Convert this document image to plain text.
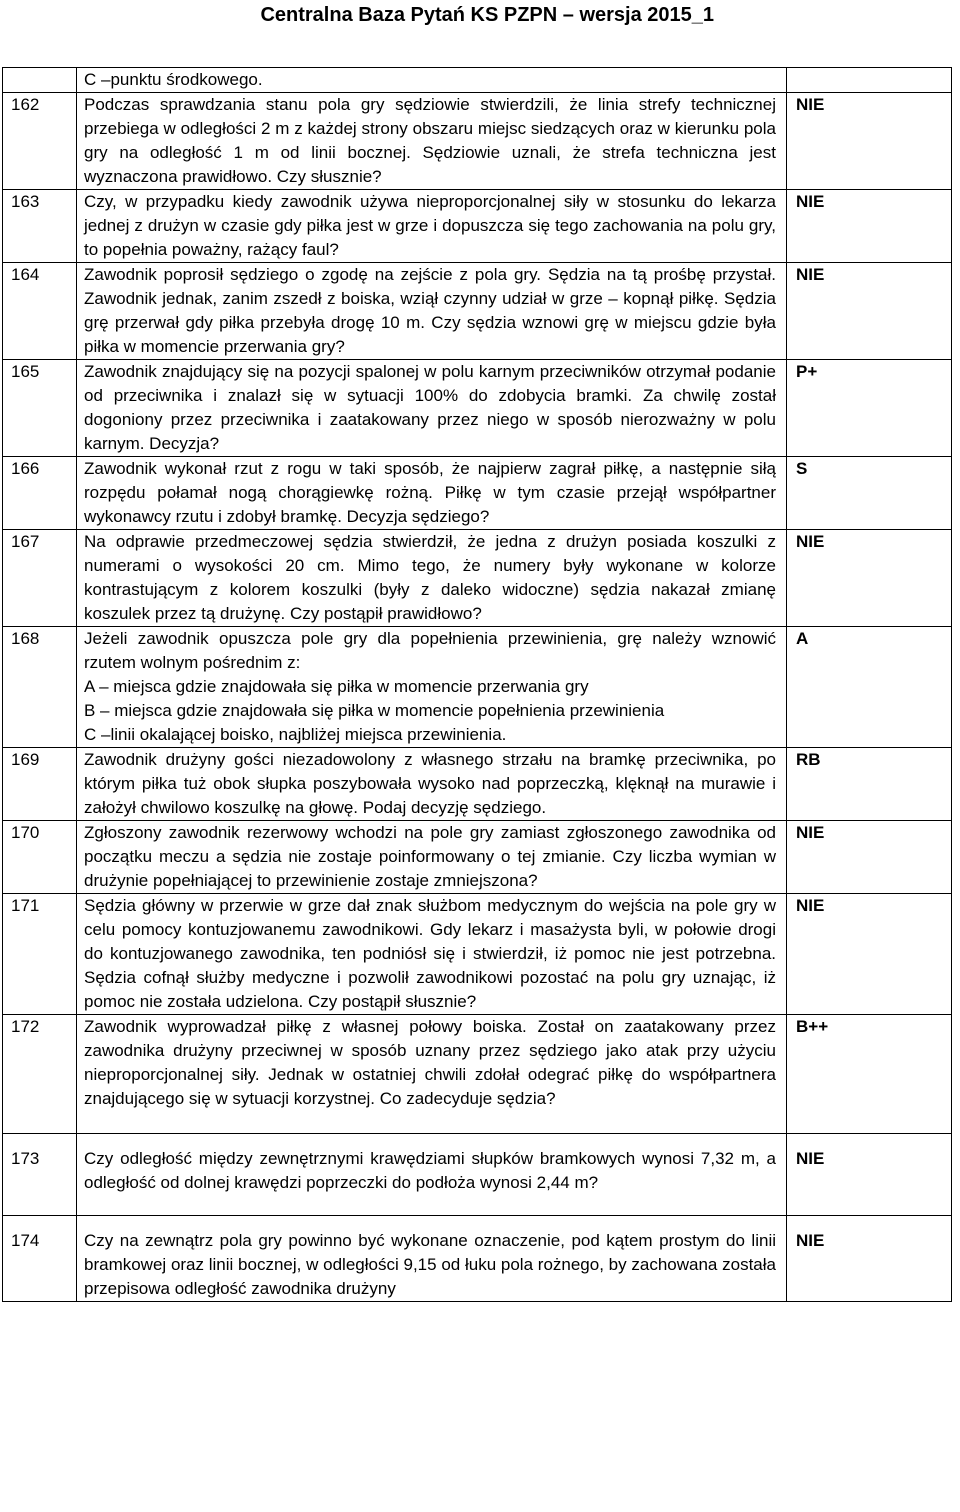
Centralna Baza Pytań KS PZPN – wersja 2015_1
	C –punktu środkowego.	
162	Podczas sprawdzania stanu pola gry sędziowie stwierdzili, że linia strefy technicznej przebiega w odległości 2 m z każdej strony obszaru miejsc siedzących oraz w kierunku pola gry na odległość 1 m od linii bocznej. Sędziowie uznali, że strefa techniczna jest wyznaczona prawidłowo. Czy słusznie?	NIE
163	Czy, w przypadku kiedy zawodnik używa nieproporcjonalnej siły w stosunku do lekarza jednej z drużyn w czasie gdy piłka jest w grze i dopuszcza się tego zachowania na polu gry, to popełnia poważny, rażący faul?	NIE
164	Zawodnik poprosił sędziego o zgodę na zejście z pola gry. Sędzia na tą prośbę przystał. Zawodnik jednak, zanim zszedł z boiska, wziął czynny udział w grze – kopnął piłkę. Sędzia grę przerwał gdy piłka przebyła drogę 10 m. Czy sędzia wznowi grę w miejscu gdzie była piłka w momencie przerwania gry?	NIE
165	Zawodnik znajdujący się na pozycji spalonej w polu karnym przeciwników otrzymał podanie od przeciwnika i znalazł się w sytuacji 100% do zdobycia bramki. Za chwilę został dogoniony przez przeciwnika i zaatakowany przez niego w sposób nierozważny w polu karnym. Decyzja?	P+
166	Zawodnik wykonał rzut z rogu w taki sposób, że najpierw zagrał piłkę, a następnie siłą rozpędu połamał nogą chorągiewkę rożną. Piłkę w tym czasie przejął współpartner wykonawcy rzutu i zdobył bramkę. Decyzja sędziego?	S
167	Na odprawie przedmeczowej sędzia stwierdził, że jedna z drużyn posiada koszulki z numerami o wysokości 20 cm. Mimo tego, że numery były wykonane w kolorze kontrastującym z kolorem koszulki (były z daleko widoczne) sędzia nakazał zmianę koszulek przez tą drużynę. Czy postąpił prawidłowo?	NIE
168	Jeżeli zawodnik opuszcza pole gry dla popełnienia przewinienia, grę należy wznowić rzutem wolnym pośrednim z:
A – miejsca gdzie znajdowała się piłka w momencie przerwania gry
B – miejsca gdzie znajdowała się piłka w momencie popełnienia przewinienia
C –linii okalającej boisko, najbliżej miejsca przewinienia.	A
169	Zawodnik drużyny gości niezadowolony z własnego strzału na bramkę przeciwnika, po którym piłka tuż obok słupka poszybowała wysoko nad poprzeczką, klęknął na murawie i założył chwilowo koszulkę na głowę. Podaj decyzję sędziego.	RB
170	Zgłoszony zawodnik rezerwowy wchodzi na pole gry zamiast zgłoszonego zawodnika od początku meczu a sędzia nie zostaje poinformowany o tej zmianie. Czy liczba wymian w drużynie popełniającej to przewinienie zostaje zmniejszona?	NIE
171	Sędzia główny w przerwie w grze dał znak służbom medycznym do wejścia na pole gry w celu pomocy kontuzjowanemu zawodnikowi. Gdy lekarz i masażysta byli, w połowie drogi do kontuzjowanego zawodnika, ten podniósł się i stwierdził, iż pomoc nie jest potrzebna. Sędzia cofnął służby medyczne i pozwolił zawodnikowi pozostać na polu gry uznając, iż pomoc nie została udzielona. Czy postąpił słusznie?	NIE
172	Zawodnik wyprowadzał piłkę z własnej połowy boiska. Został on zaatakowany przez zawodnika drużyny przeciwnej w sposób uznany przez sędziego jako atak przy użyciu nieproporcjonalnej siły. Jednak w ostatniej chwili zdołał odegrać piłkę do współpartnera znajdującego się w sytuacji korzystnej. Co zadecyduje sędzia?	B++
173	Czy odległość między zewnętrznymi krawędziami słupków bramkowych wynosi 7,32 m, a odległość od dolnej krawędzi poprzeczki do podłoża wynosi 2,44 m?	NIE
174	Czy na zewnątrz pola gry powinno być wykonane oznaczenie, pod kątem prostym do linii bramkowej oraz linii bocznej, w odległości 9,15 od łuku pola rożnego, by zachowana została przepisowa odległość zawodnika drużyny	NIE
